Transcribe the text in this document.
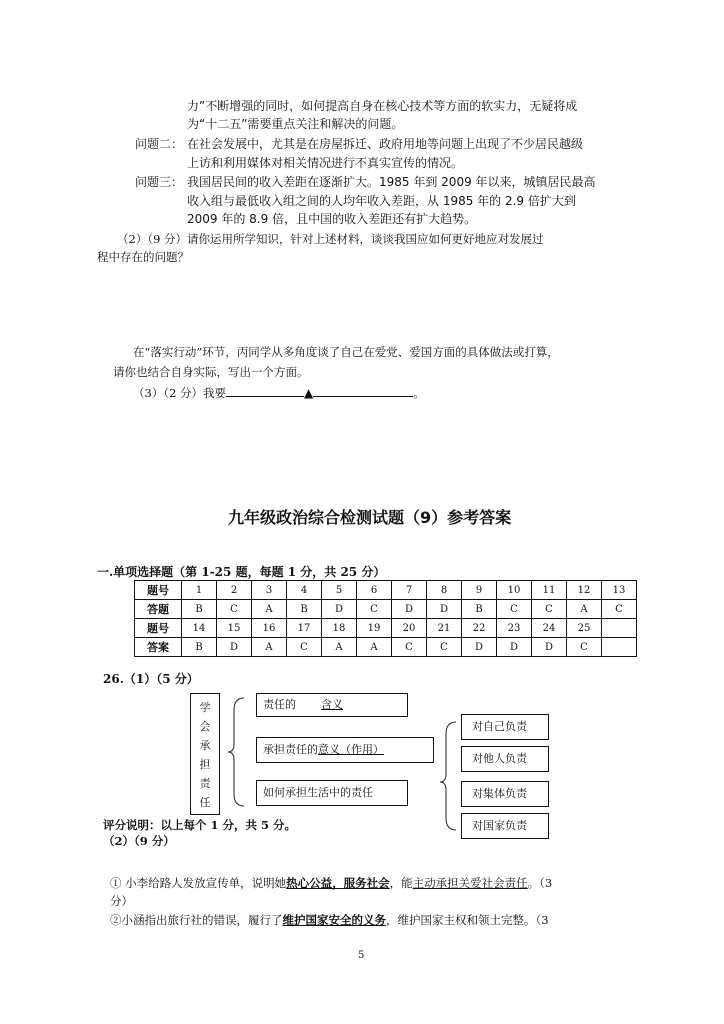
力”不断增强的同时，如何提高自身在核心技术等方面的软实力，无疑将成
为“十二五”需要重点关注和解决的问题。
问题二： 在社会发展中，尤其是在房屋拆迁、政府用地等问题上出现了不少居民越级
上访和利用媒体对相关情况进行不真实宣传的情况。
问题三： 我国居民间的收入差距在逐渐扩大。1985 年到 2009 年以来，城镇居民最高
收入组与最低收入组之间的人均年收入差距，从 1985 年的 2.9 倍扩大到
2009 年的 8.9 倍，且中国的收入差距还有扩大趋势。
（2）（9 分）请你运用所学知识，针对上述材料，谈谈我国应如何更好地应对发展过
程中存在的问题？
在“落实行动”环节，丙同学从多角度谈了自己在爱党、爱国方面的具体做法或打算，
请你也结合自身实际，写出一个方面。
（3）（2 分）我要	▲	。
九年级政治综合检测试题（9）参考答案
一.单项选择题（第 1-25 题，每题 1 分，共 25 分）
题号	1	2	3	4	5	6	7	8	9	10	11	12	13
答题	B	C	A	B	D	C	D	D	B	C	C	A	C
题号	14	15	16	17	18	19	20	21	22	23	24	25	
答案	B	D	A	C	A	A	C	C	D	D	D	C	
26.（1）（5 分）
学
会
承
担
责
任
责任的 含义
承担责任的意义（作用）
如何承担生活中的责任
对自己负责
对他人负责
对集体负责
对国家负责
评分说明：以上每个 1 分，共 5 分。
（2）（9 分）
① 小李给路人发放宣传单，说明她热心公益，服务社会，能主动承担关爱社会责任。（3
分）
②小涵指出旅行社的错误，履行了维护国家安全的义务，维护国家主权和领土完整。（3
5
